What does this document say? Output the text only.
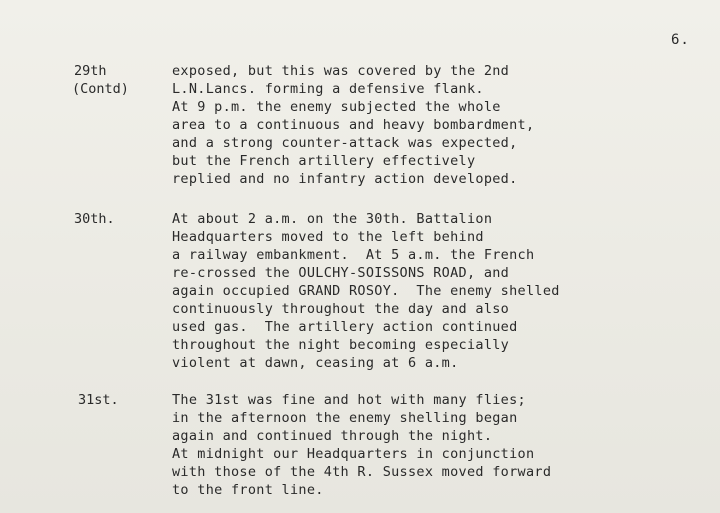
6.
29th
(Contd)
exposed, but this was covered by the 2nd
L.N.Lancs. forming a defensive flank.
At 9 p.m. the enemy subjected the whole
area to a continuous and heavy bombardment,
and a strong counter-attack was expected,
but the French artillery effectively
replied and no infantry action developed.
30th.	At about 2 a.m. on the 30th. Battalion
Headquarters moved to the left behind
a railway embankment.  At 5 a.m. the French
re-crossed the OULCHY-SOISSONS ROAD, and
again occupied GRAND ROSOY.  The enemy shelled
continuously throughout the day and also
used gas.  The artillery action continued
throughout the night becoming especially
violent at dawn, ceasing at 6 a.m.
31st.	The 31st was fine and hot with many flies;
in the afternoon the enemy shelling began
again and continued through the night.
At midnight our Headquarters in conjunction
with those of the 4th R. Sussex moved forward
to the front line.
